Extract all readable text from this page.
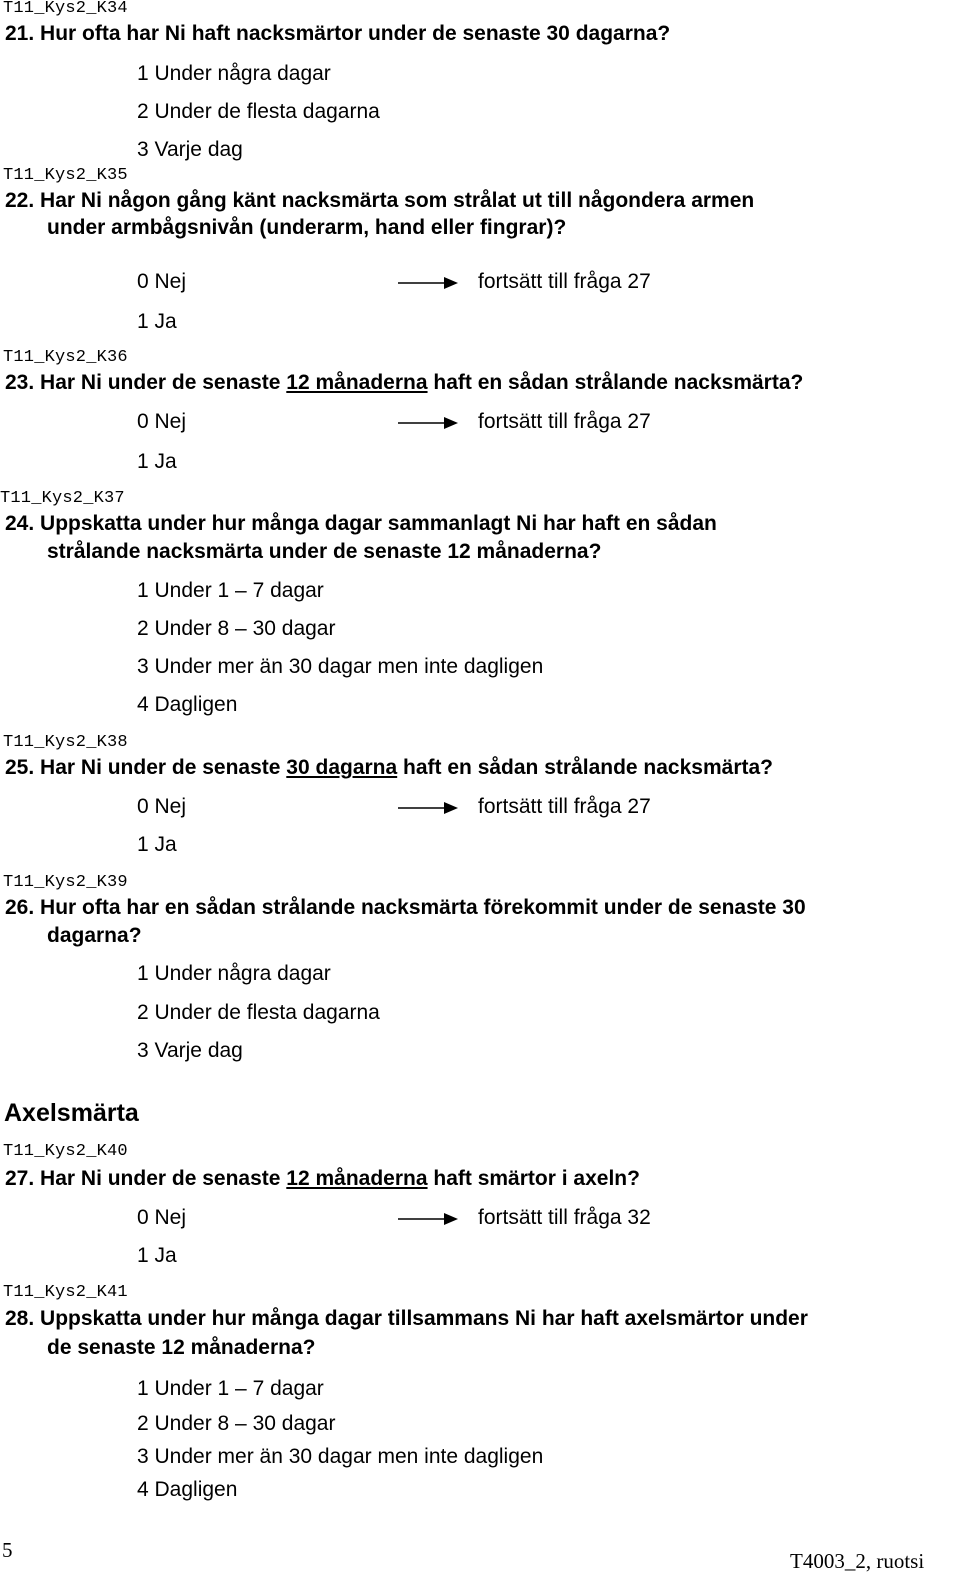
T11_Kys2_K34
21. Hur ofta har Ni haft nacksmärtor under de senaste 30 dagarna?
1 Under några dagar
2 Under de flesta dagarna
3 Varje dag
T11_Kys2_K35
22. Har Ni någon gång känt nacksmärta som strålat ut till någondera armen
under armbågsnivån (underarm, hand eller fingrar)?
0 Nej	fortsätt till fråga 27
1 Ja
T11_Kys2_K36
23. Har Ni under de senaste 12 månaderna haft en sådan strålande nacksmärta?
0 Nej	fortsätt till fråga 27
1 Ja
T11_Kys2_K37
24. Uppskatta under hur många dagar sammanlagt Ni har haft en sådan
strålande nacksmärta under de senaste 12 månaderna?
1 Under 1 – 7 dagar
2 Under 8 – 30 dagar
3 Under mer än 30 dagar men inte dagligen
4 Dagligen
T11_Kys2_K38
25. Har Ni under de senaste 30 dagarna haft en sådan strålande nacksmärta?
0 Nej	fortsätt till fråga 27
1 Ja
T11_Kys2_K39
26. Hur ofta har en sådan strålande nacksmärta förekommit under de senaste 30
dagarna?
1 Under några dagar
2 Under de flesta dagarna
3 Varje dag
Axelsmärta
T11_Kys2_K40
27. Har Ni under de senaste 12 månaderna haft smärtor i axeln?
0 Nej	fortsätt till fråga 32
1 Ja
T11_Kys2_K41
28. Uppskatta under hur många dagar tillsammans Ni har haft axelsmärtor under
de senaste 12 månaderna?
1 Under 1 – 7 dagar
2 Under 8 – 30 dagar
3 Under mer än 30 dagar men inte dagligen
4 Dagligen
5	T4003_2, ruotsi
